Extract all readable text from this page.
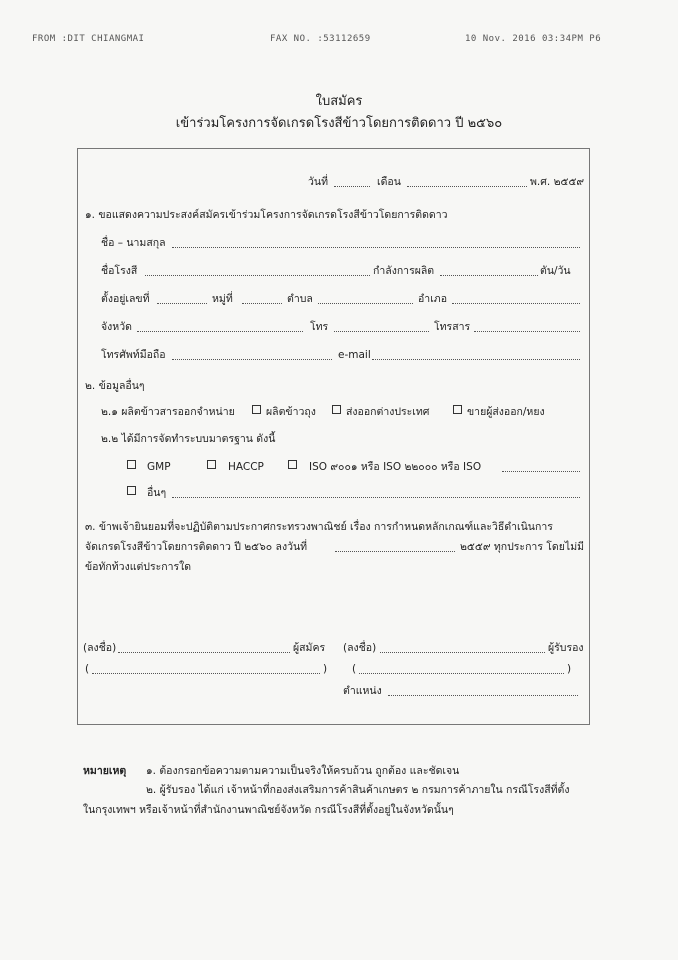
FROM :DIT CHIANGMAI	FAX NO. :53112659	10 Nov. 2016 03:34PM P6
ใบสมัคร
เข้าร่วมโครงการจัดเกรดโรงสีข้าวโดยการติดดาว ปี ๒๕๖๐
วันที่	เดือน	พ.ศ. ๒๕๕๙
๑. ขอแสดงความประสงค์สมัครเข้าร่วมโครงการจัดเกรดโรงสีข้าวโดยการติดดาว
ชื่อ – นามสกุล
ชื่อโรงสี	กำลังการผลิต	ตัน/วัน
ตั้งอยู่เลขที่	หมู่ที่	ตำบล	อำเภอ
จังหวัด	โทร	โทรสาร
โทรศัพท์มือถือ	e-mail
๒. ข้อมูลอื่นๆ
๒.๑ ผลิตข้าวสารออกจำหน่าย	ผลิตข้าวถุง	ส่งออกต่างประเทศ	ขายผู้ส่งออก/หยง
๒.๒ ได้มีการจัดทำระบบมาตรฐาน ดังนี้
GMP	HACCP	ISO ๙๐๐๑ หรือ ISO ๒๒๐๐๐ หรือ ISO
อื่นๆ
๓. ข้าพเจ้ายินยอมที่จะปฏิบัติตามประกาศกระทรวงพาณิชย์ เรื่อง การกำหนดหลักเกณฑ์และวิธีดำเนินการ
จัดเกรดโรงสีข้าวโดยการติดดาว ปี ๒๕๖๐ ลงวันที่	๒๕๕๙ ทุกประการ โดยไม่มี
ข้อทักท้วงแต่ประการใด
(ลงชื่อ)	ผู้สมัคร
(	)
(ลงชื่อ)	ผู้รับรอง
(	)
ตำแหน่ง
หมายเหตุ ๑. ต้องกรอกข้อความตามความเป็นจริงให้ครบถ้วน ถูกต้อง และชัดเจน
๒. ผู้รับรอง ได้แก่ เจ้าหน้าที่กองส่งเสริมการค้าสินค้าเกษตร ๒ กรมการค้าภายใน กรณีโรงสีที่ตั้ง
ในกรุงเทพฯ หรือเจ้าหน้าที่สำนักงานพาณิชย์จังหวัด กรณีโรงสีที่ตั้งอยู่ในจังหวัดนั้นๆ
